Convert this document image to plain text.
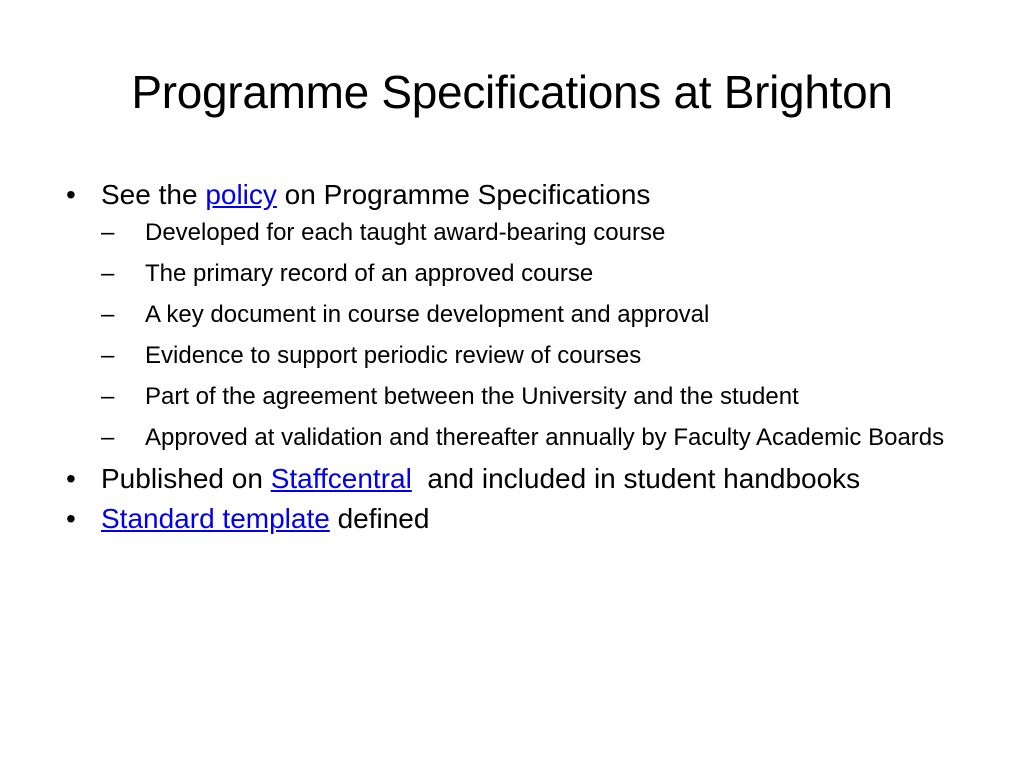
Programme Specifications at Brighton
• See the policy on Programme Specifications
–	Developed for each taught award-bearing course
–	The primary record of an approved course
–	A key document in course development and approval
–	Evidence to support periodic review of courses
–	Part of the agreement between the University and the student
–	Approved at validation and thereafter annually by Faculty Academic Boards
• Published on Staffcentral  and included in student handbooks
• Standard template defined
